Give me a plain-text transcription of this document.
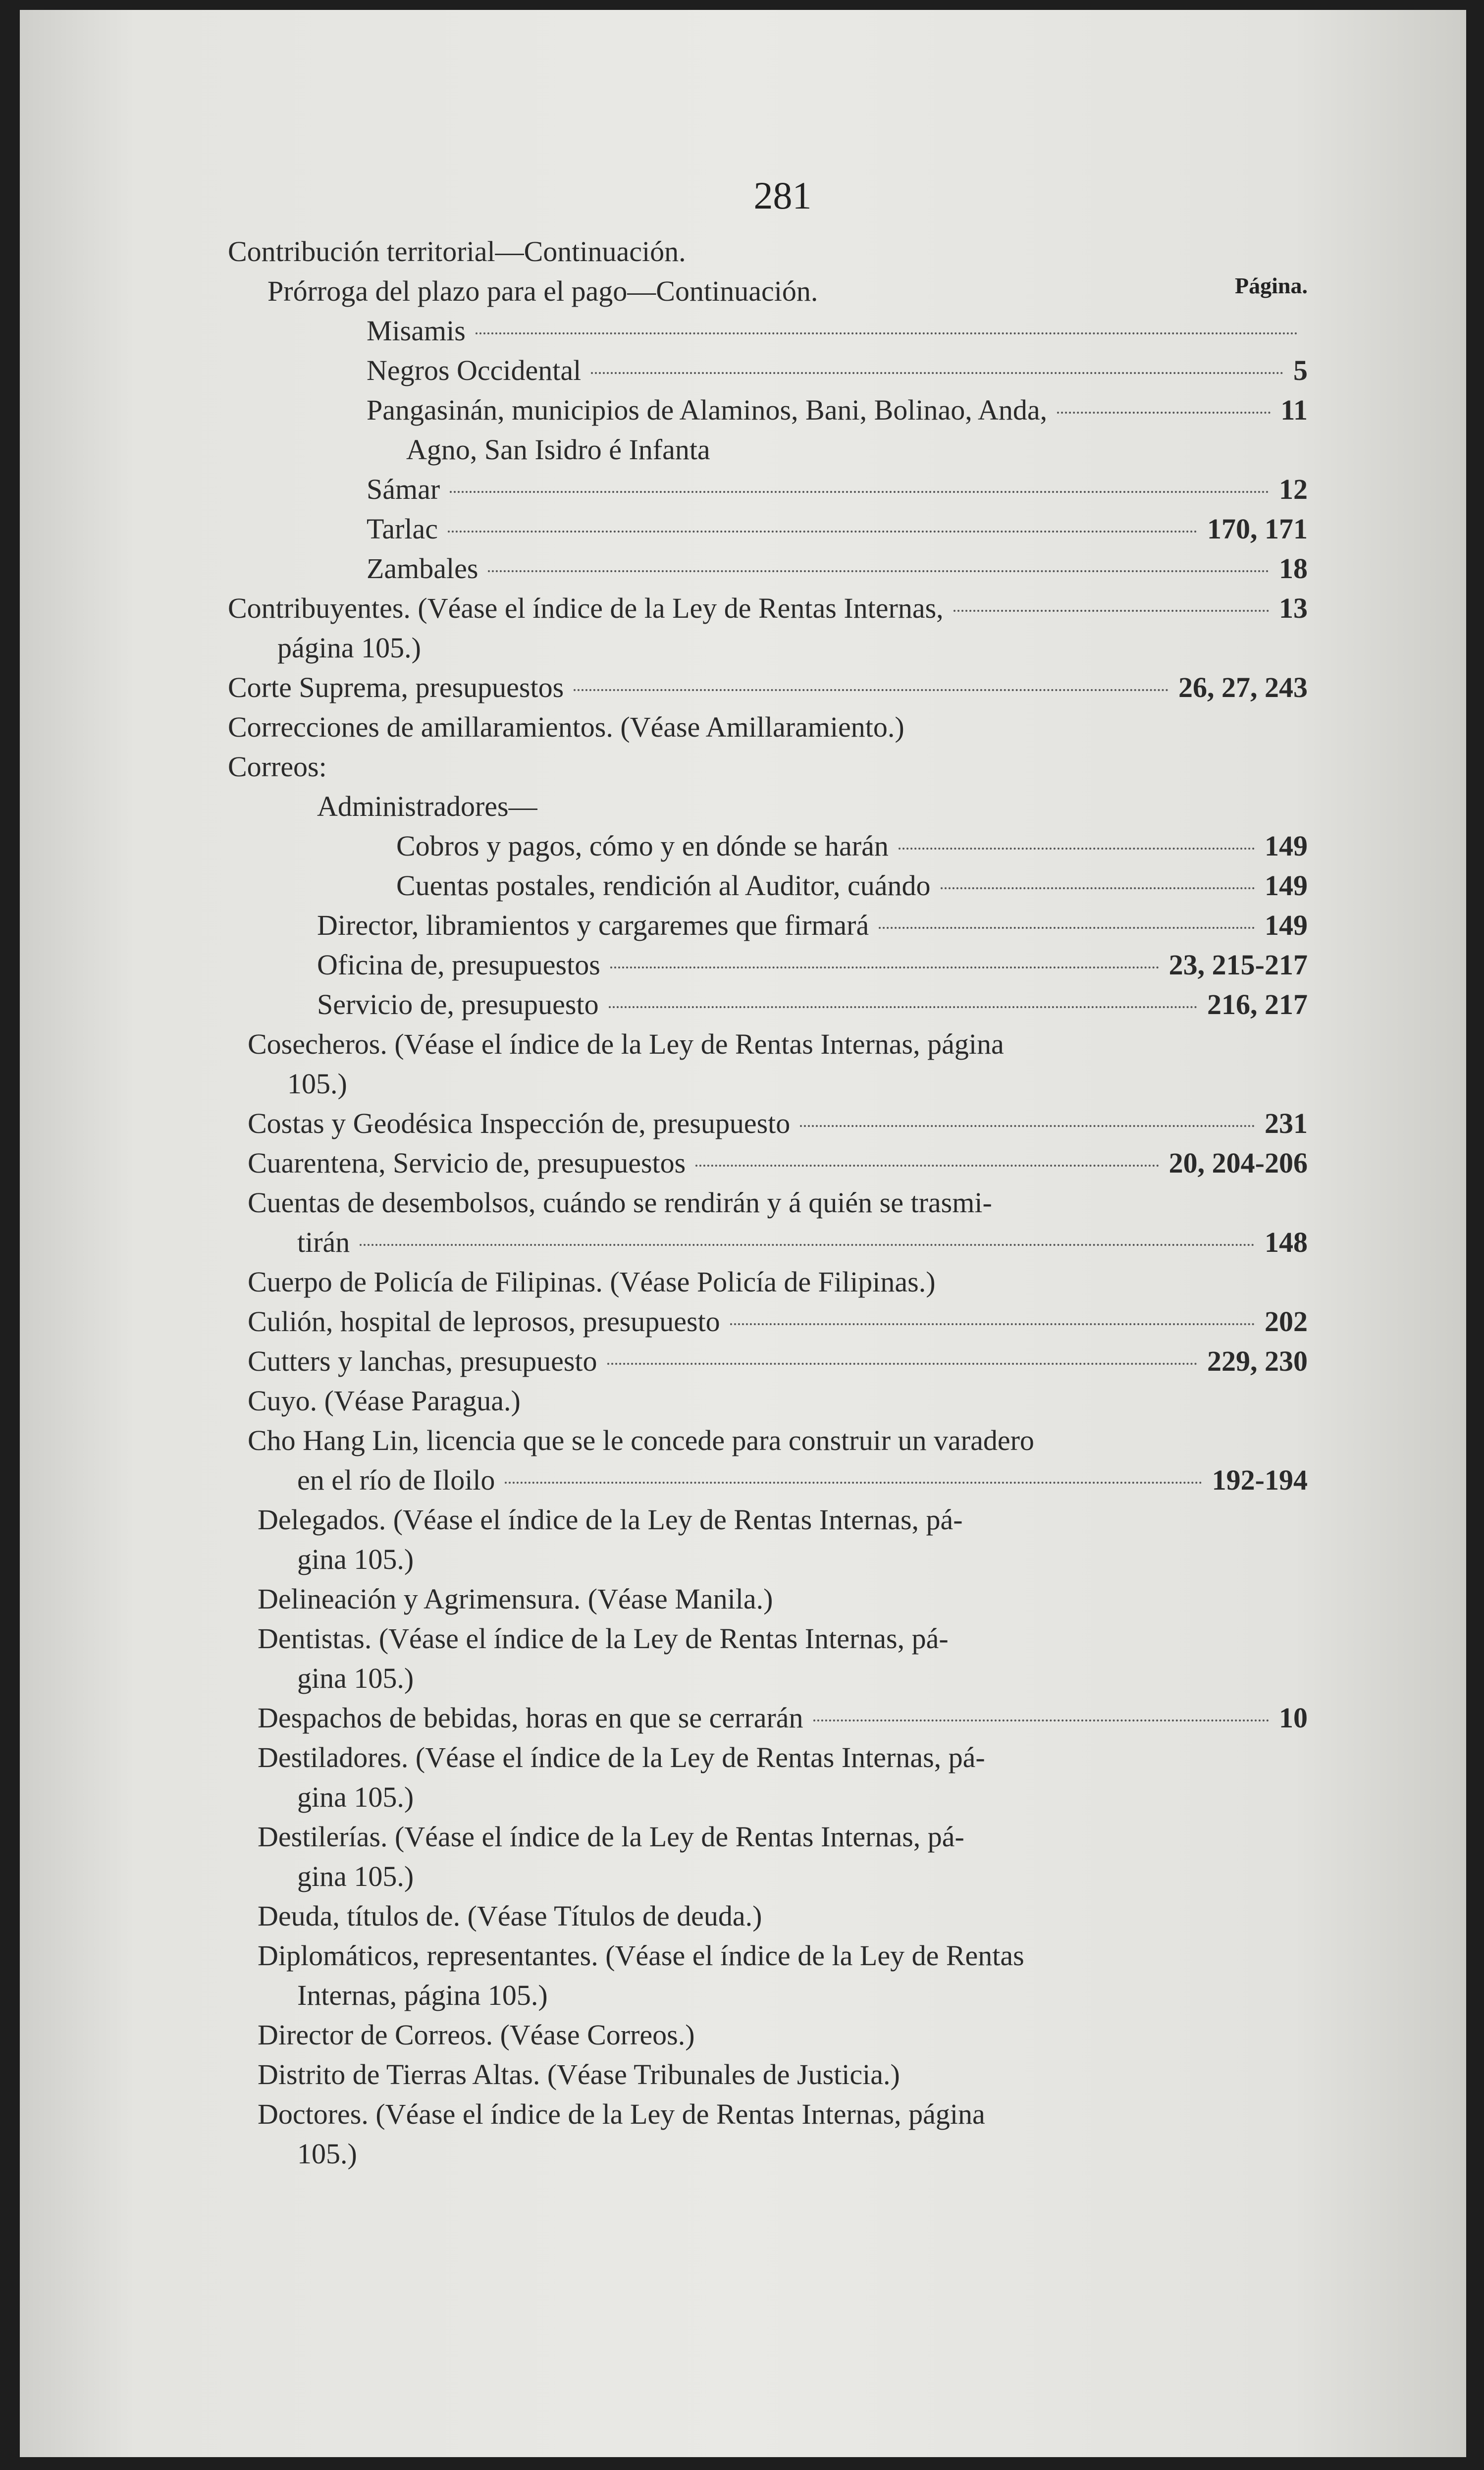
281
Página.
Contribución territorial—Continuación.
Prórroga del plazo para el pago—Continuación.
Misamis
Negros Occidental	5
Pangasinán, municipios de Alaminos, Bani, Bolinao, Anda,	11
Agno, San Isidro é Infanta
Sámar	12
Tarlac	170, 171
Zambales	18
Contribuyentes. (Véase el índice de la Ley de Rentas Internas,	13
página 105.)
Corte Suprema, presupuestos	26, 27, 243
Correcciones de amillaramientos. (Véase Amillaramiento.)
Correos:
Administradores—
Cobros y pagos, cómo y en dónde se harán	149
Cuentas postales, rendición al Auditor, cuándo	149
Director, libramientos y cargaremes que firmará	149
Oficina de, presupuestos	23, 215-217
Servicio de, presupuesto	216, 217
Cosecheros. (Véase el índice de la Ley de Rentas Internas, página
105.)
Costas y Geodésica Inspección de, presupuesto	231
Cuarentena, Servicio de, presupuestos	20, 204-206
Cuentas de desembolsos, cuándo se rendirán y á quién se trasmi-
tirán	148
Cuerpo de Policía de Filipinas. (Véase Policía de Filipinas.)
Culión, hospital de leprosos, presupuesto	202
Cutters y lanchas, presupuesto	229, 230
Cuyo. (Véase Paragua.)
Cho Hang Lin, licencia que se le concede para construir un varadero
en el río de Iloilo	192-194
Delegados. (Véase el índice de la Ley de Rentas Internas, pá-
gina 105.)
Delineación y Agrimensura. (Véase Manila.)
Dentistas. (Véase el índice de la Ley de Rentas Internas, pá-
gina 105.)
Despachos de bebidas, horas en que se cerrarán	10
Destiladores. (Véase el índice de la Ley de Rentas Internas, pá-
gina 105.)
Destilerías. (Véase el índice de la Ley de Rentas Internas, pá-
gina 105.)
Deuda, títulos de. (Véase Títulos de deuda.)
Diplomáticos, representantes. (Véase el índice de la Ley de Rentas
Internas, página 105.)
Director de Correos. (Véase Correos.)
Distrito de Tierras Altas. (Véase Tribunales de Justicia.)
Doctores. (Véase el índice de la Ley de Rentas Internas, página
105.)
